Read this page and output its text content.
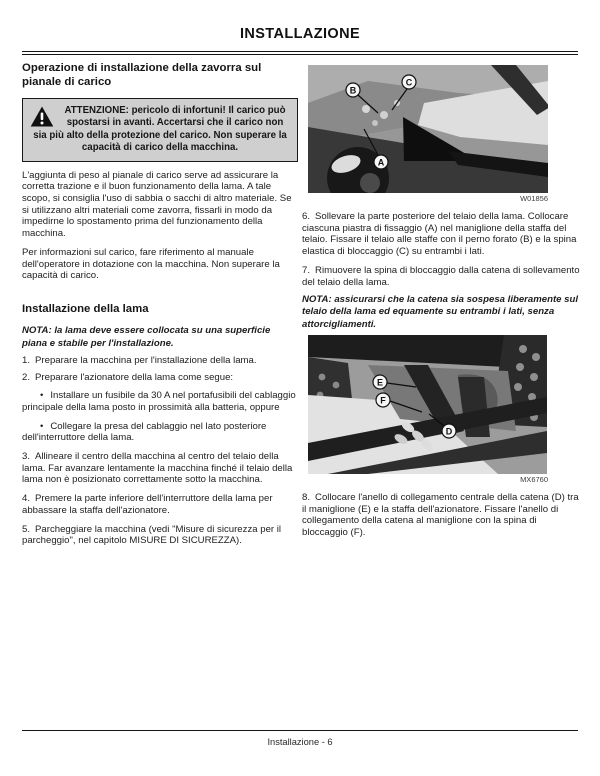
INSTALLAZIONE
Operazione di installazione della zavorra sul pianale di carico

ATTENZIONE: pericolo di infortuni! Il carico può spostarsi in avanti. Accertarsi che il carico non sia più alto della protezione del carico. Non superare la capacità di carico della macchina.

L'aggiunta di peso al pianale di carico serve ad assicurare la corretta trazione e il buon funzionamento della lama. A tale scopo, si consiglia l'uso di sabbia o sacchi di altro materiale. Se si utilizzano altri materiali come zavorra, fissarli in modo da impedirne lo spostamento prima del funzionamento della macchina.

Per informazioni sul carico, fare riferimento al manuale dell'operatore in dotazione con la macchina. Non superare la capacità di carico.

Installazione della lama

NOTA: la lama deve essere collocata su una superficie piana e stabile per l'installazione.

1. Preparare la macchina per l'installazione della lama.

2. Preparare l'azionatore della lama come segue:

• Installare un fusibile da 30 A nel portafusibili del cablaggio principale della lama posto in prossimità alla batteria, oppure

• Collegare la presa del cablaggio nel lato posteriore dell'interruttore della lama.

3. Allineare il centro della macchina al centro del telaio della lama. Far avanzare lentamente la macchina finché il telaio della lama non è posizionato correttamente sotto la macchina.

4. Premere la parte inferiore dell'interruttore della lama per abbassare la staffa dell'azionatore.

5. Parcheggiare la macchina (vedi "Misure di sicurezza per il parcheggio", nel capitolo MISURE DI SICUREZZA).

B
C
A
W01856

6. Sollevare la parte posteriore del telaio della lama. Collocare ciascuna piastra di fissaggio (A) nel maniglione della staffa del telaio. Fissare il telaio alle staffe con il perno forato (B) e la spina elastica di bloccaggio (C) su entrambi i lati.

7. Rimuovere la spina di bloccaggio dalla catena di sollevamento del telaio della lama.

NOTA: assicurarsi che la catena sia sospesa liberamente sul telaio della lama ed equamente su entrambi i lati, senza attorcigliamenti.

E
F
D
MX6760

8. Collocare l'anello di collegamento centrale della catena (D) tra il maniglione (E) e la staffa dell'azionatore. Fissare l'anello di collegamento della catena al maniglione con la spina di bloccaggio (F).

Installazione - 6
